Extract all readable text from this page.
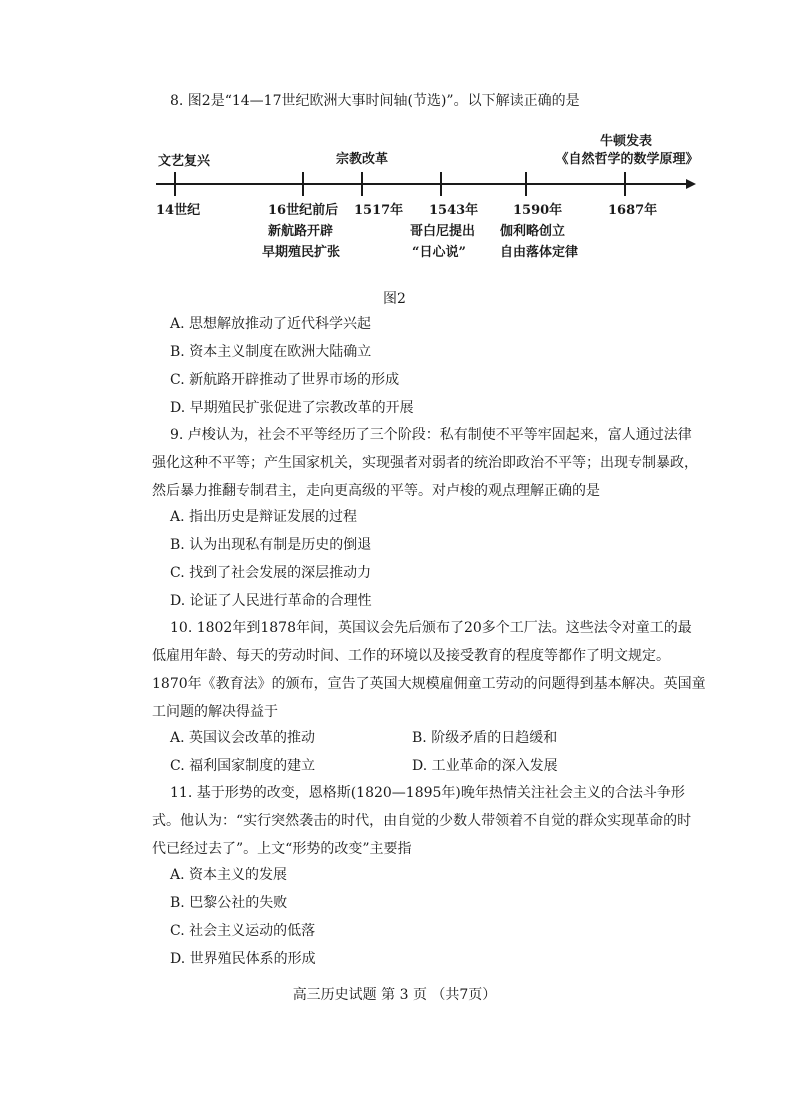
8. 图2是“14—17世纪欧洲大事时间轴(节选)”。以下解读正确的是
文艺复兴	宗教改革
牛顿发表
《自然哲学的数学原理》
14世纪	16世纪前后
新航路开辟
早期殖民扩张
1517年 1543年
哥白尼提出
“日心说”
1590年
伽利略创立
自由落体定律
1687年
图2
A. 思想解放推动了近代科学兴起
B. 资本主义制度在欧洲大陆确立
C. 新航路开辟推动了世界市场的形成
D. 早期殖民扩张促进了宗教改革的开展
9. 卢梭认为，社会不平等经历了三个阶段：私有制使不平等牢固起来，富人通过法律
强化这种不平等；产生国家机关，实现强者对弱者的统治即政治不平等；出现专制暴政，
然后暴力推翻专制君主，走向更高级的平等。对卢梭的观点理解正确的是
A. 指出历史是辩证发展的过程
B. 认为出现私有制是历史的倒退
C. 找到了社会发展的深层推动力
D. 论证了人民进行革命的合理性
10. 1802年到1878年间，英国议会先后颁布了20多个工厂法。这些法令对童工的最
低雇用年龄、每天的劳动时间、工作的环境以及接受教育的程度等都作了明文规定。
1870年《教育法》的颁布，宣告了英国大规模雇佣童工劳动的问题得到基本解决。英国童
工问题的解决得益于
A. 英国议会改革的推动	B. 阶级矛盾的日趋缓和
C. 福利国家制度的建立	D. 工业革命的深入发展
11. 基于形势的改变，恩格斯(1820—1895年)晚年热情关注社会主义的合法斗争形
式。他认为：“实行突然袭击的时代，由自觉的少数人带领着不自觉的群众实现革命的时
代已经过去了”。上文“形势的改变”主要指
A. 资本主义的发展
B. 巴黎公社的失败
C. 社会主义运动的低落
D. 世界殖民体系的形成
高三历史试题 第 3 页 （共7页）
